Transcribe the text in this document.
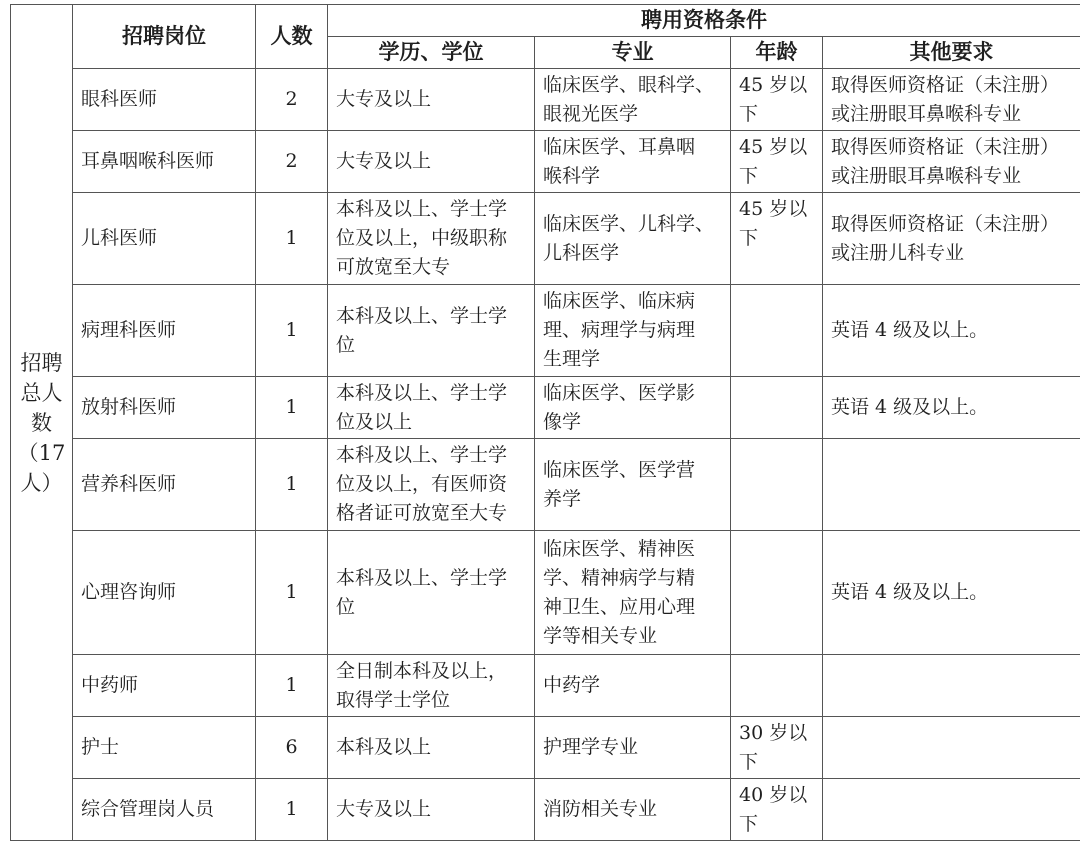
招聘
总人
数
（17
人）	招聘岗位	人数	聘用资格条件			
			学历、学位	专业	年龄	其他要求
	眼科医师	2	大专及以上	临床医学、眼科学、
眼视光医学	45 岁以
下	取得医师资格证（未注册）
或注册眼耳鼻喉科专业
	耳鼻咽喉科医师	2	大专及以上	临床医学、耳鼻咽
喉科学	45 岁以
下	取得医师资格证（未注册）
或注册眼耳鼻喉科专业
	儿科医师	1	本科及以上、学士学
位及以上，中级职称
可放宽至大专	临床医学、儿科学、
儿科医学	45 岁以
下	取得医师资格证（未注册）
或注册儿科专业
	病理科医师	1	本科及以上、学士学
位	临床医学、临床病
理、病理学与病理
生理学		英语 4 级及以上。
	放射科医师	1	本科及以上、学士学
位及以上	临床医学、医学影
像学		英语 4 级及以上。
	营养科医师	1	本科及以上、学士学
位及以上，有医师资
格者证可放宽至大专	临床医学、医学营
养学		
	心理咨询师	1	本科及以上、学士学
位	临床医学、精神医
学、精神病学与精
神卫生、应用心理
学等相关专业		英语 4 级及以上。
	中药师	1	全日制本科及以上，
取得学士学位	中药学		
	护士	6	本科及以上	护理学专业	30 岁以
下	
	综合管理岗人员	1	大专及以上	消防相关专业	40 岁以
下	
